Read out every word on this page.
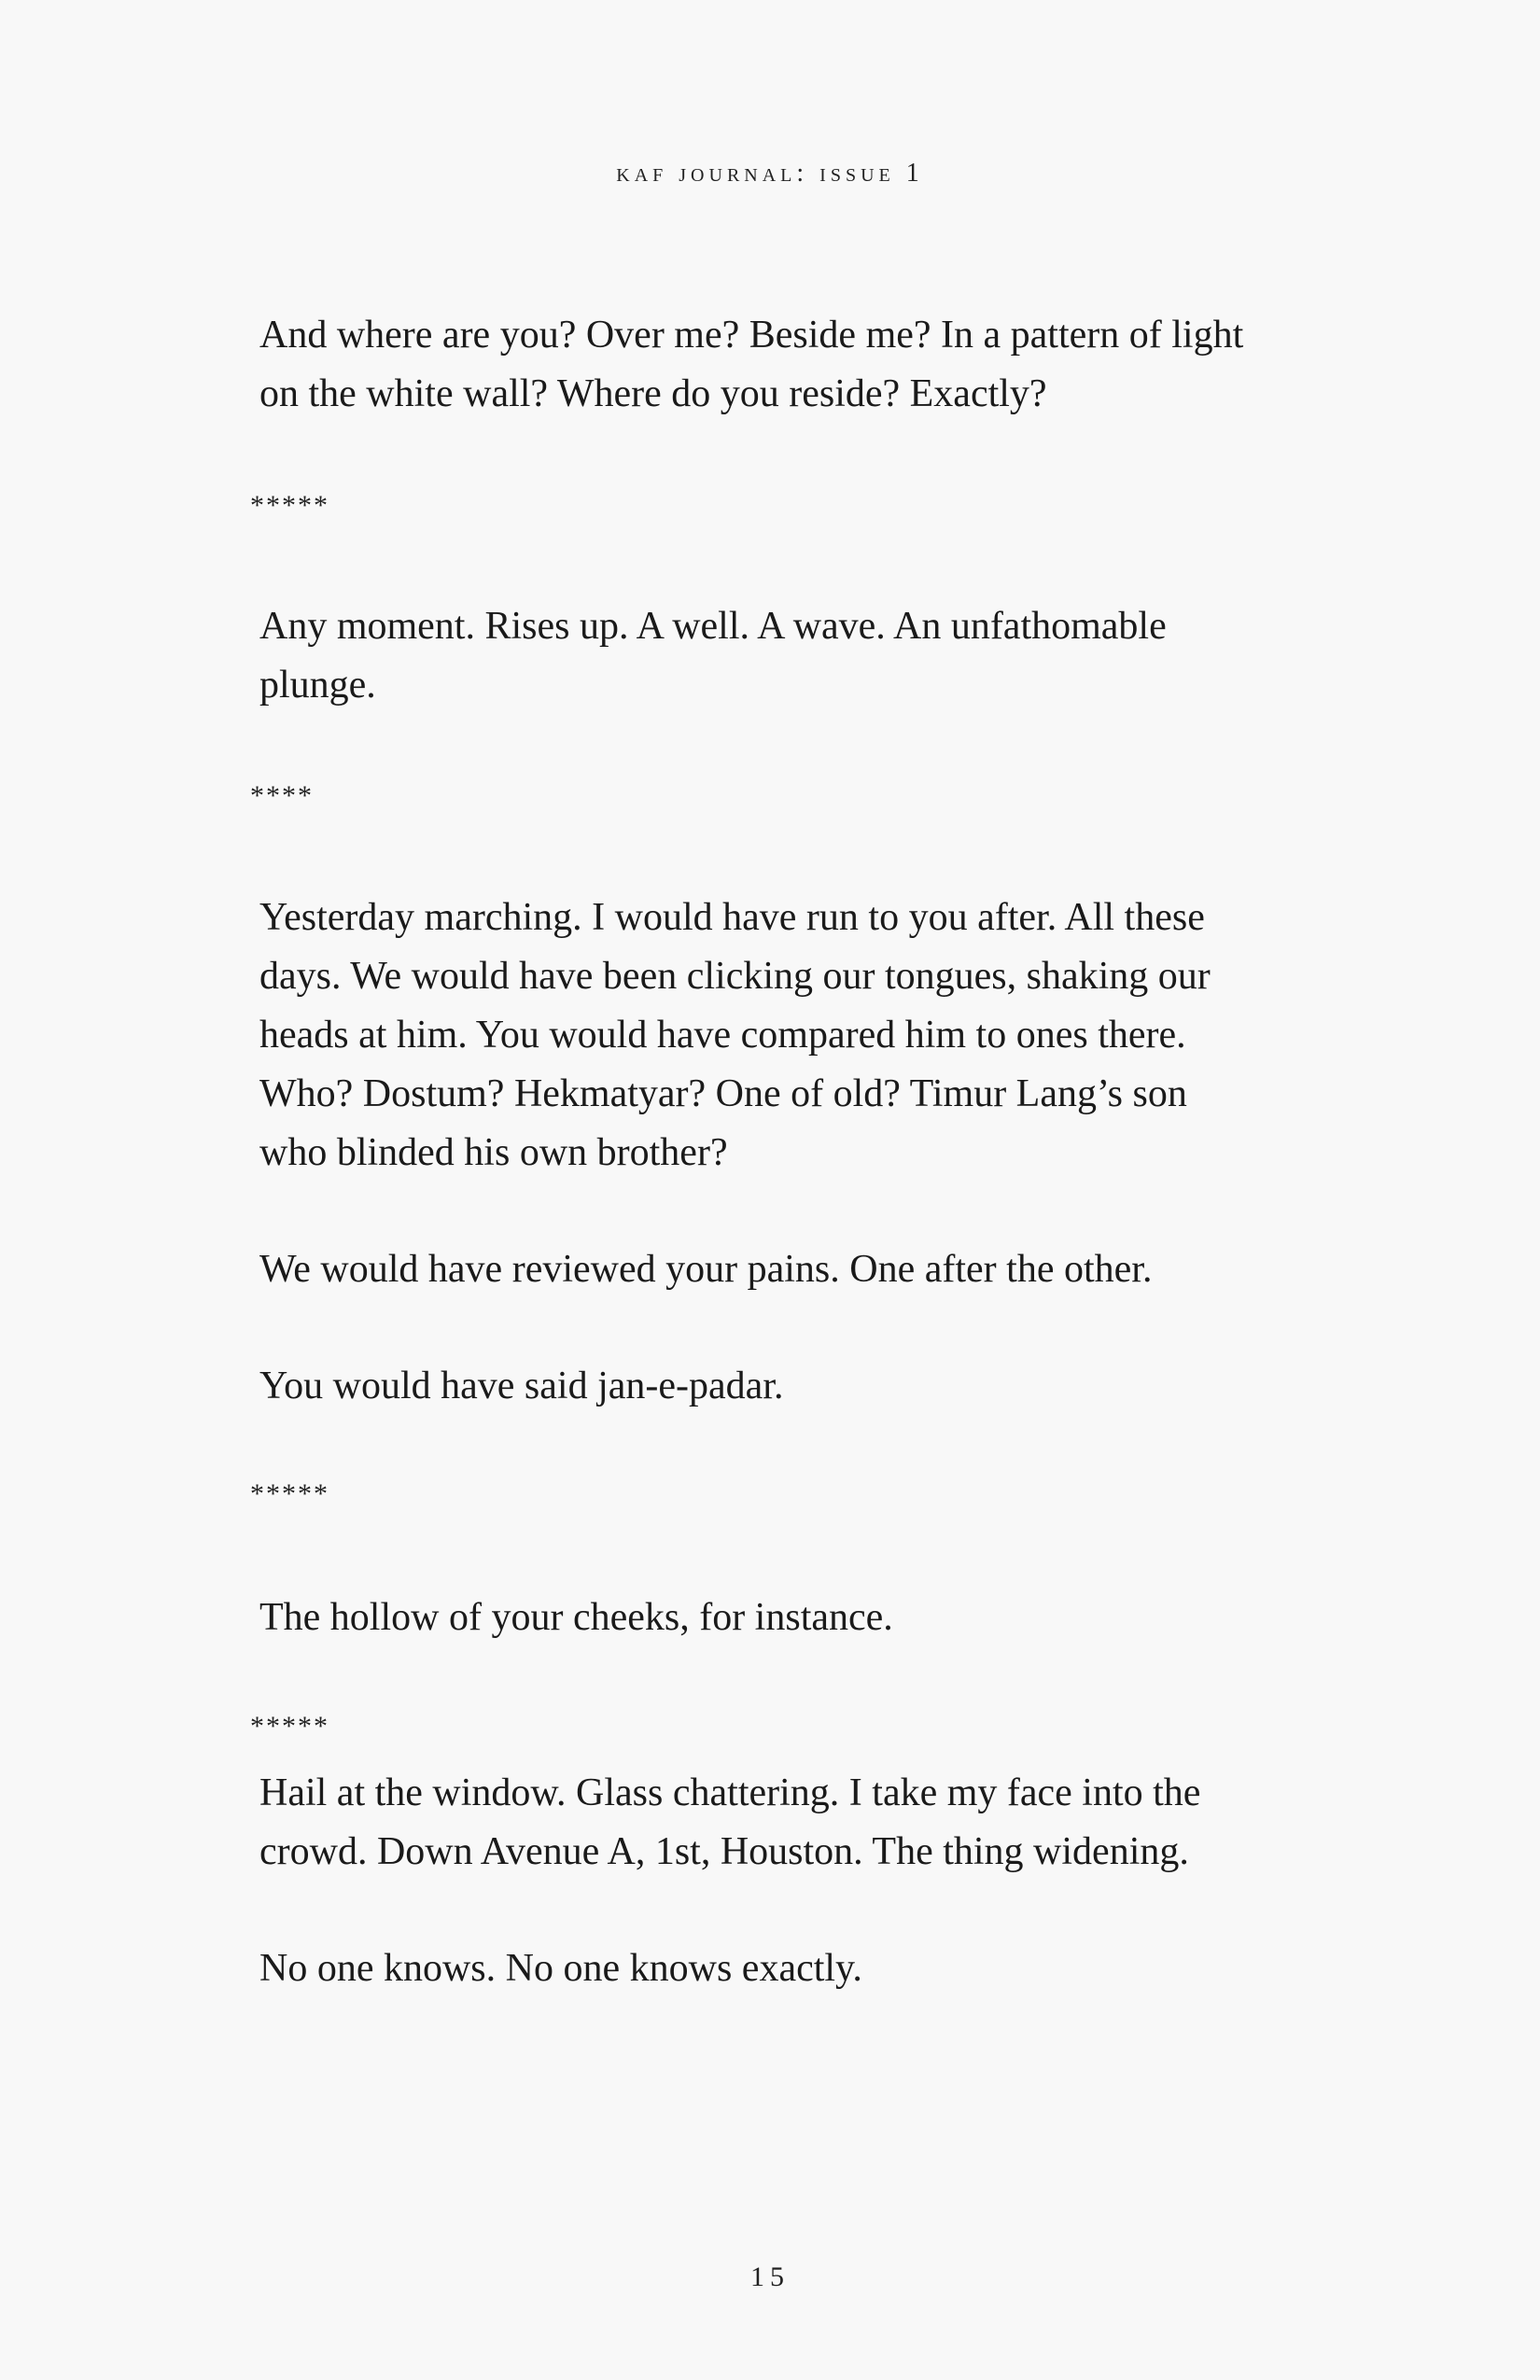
kaf journal: issue 1

And where are you? Over me? Beside me? In a pattern of light
on the white wall? Where do you reside? Exactly?

*****

Any moment. Rises up. A well. A wave. An unfathomable
plunge.

****

Yesterday marching. I would have run to you after. All these
days. We would have been clicking our tongues, shaking our
heads at him. You would have compared him to ones there.
Who? Dostum? Hekmatyar? One of old? Timur Lang’s son
who blinded his own brother?

We would have reviewed your pains. One after the other.

You would have said jan-e-padar.

*****

The hollow of your cheeks, for instance.

*****

Hail at the window. Glass chattering. I take my face into the
crowd. Down Avenue A, 1st, Houston. The thing widening.

No one knows. No one knows exactly.

15
